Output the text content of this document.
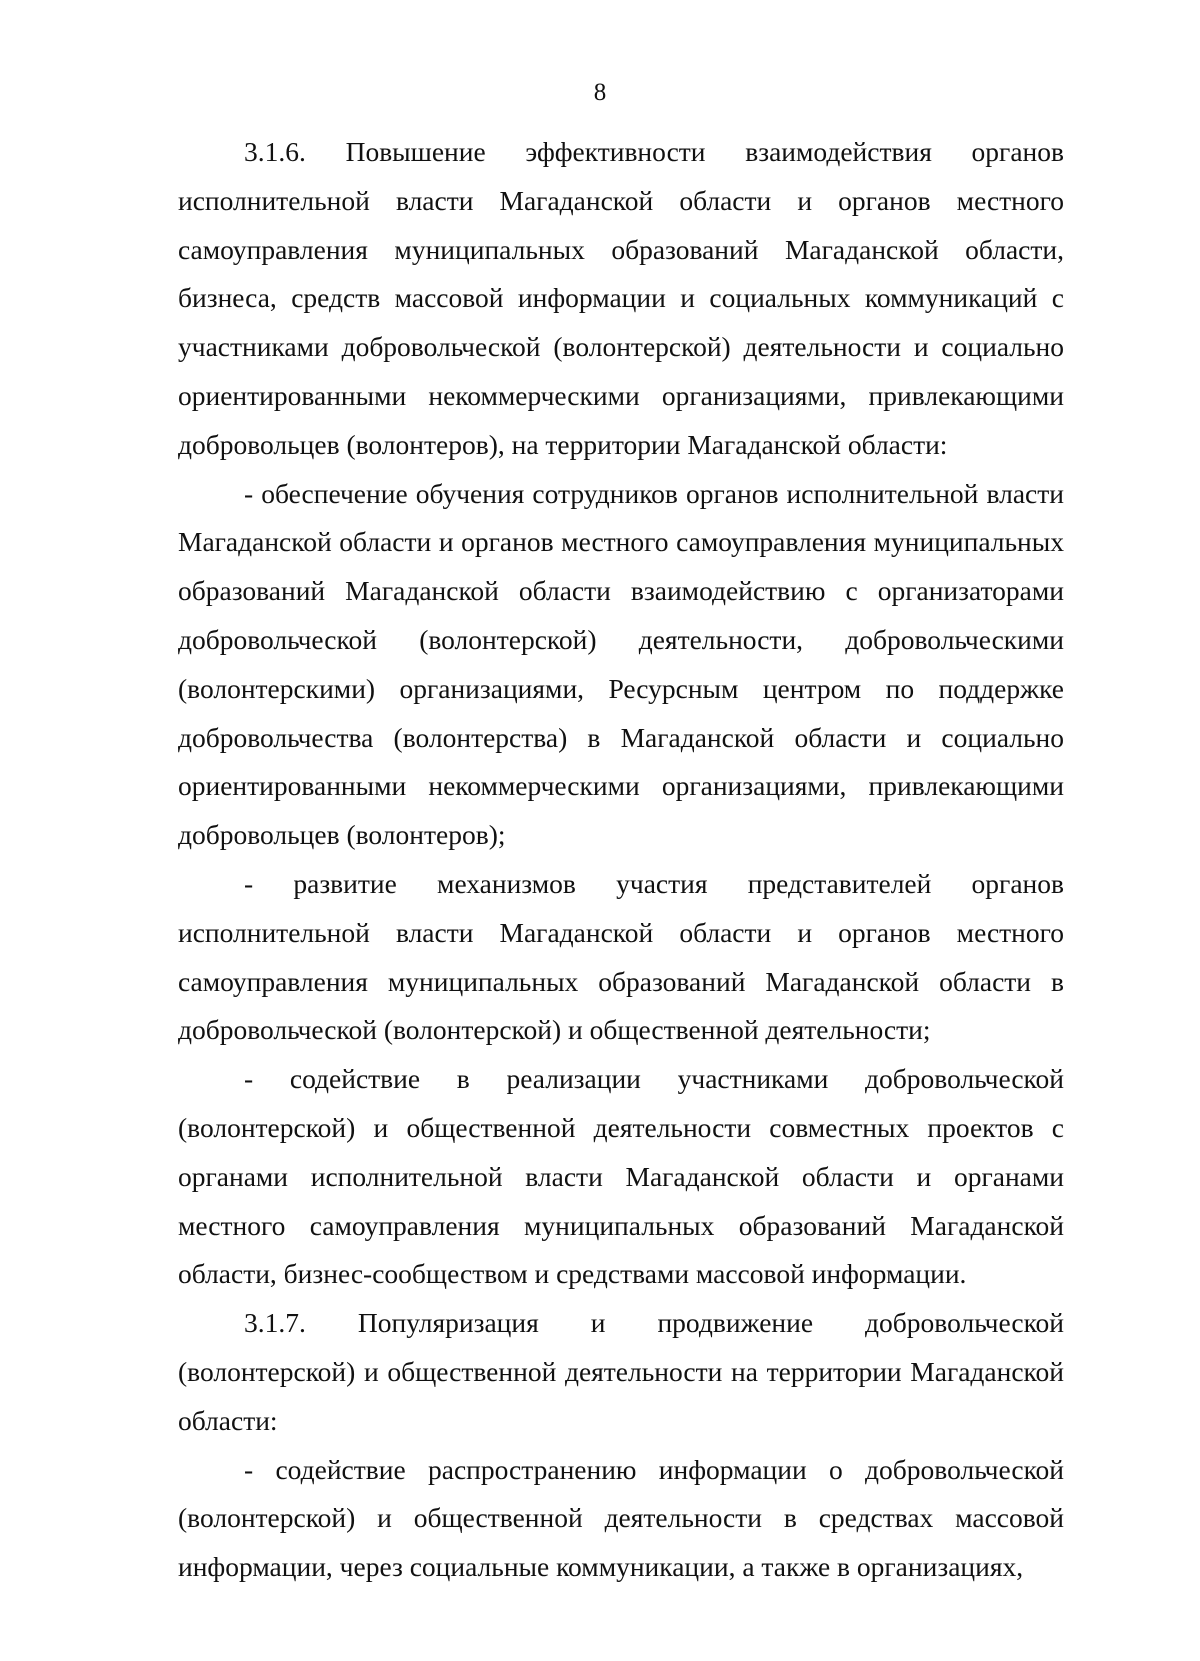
8

3.1.6. Повышение эффективности взаимодействия органов исполнительной власти Магаданской области и органов местного самоуправления муниципальных образований Магаданской области, бизнеса, средств массовой информации и социальных коммуникаций с участниками добровольческой (волонтерской) деятельности и социально ориентированными некоммерческими организациями, привлекающими добровольцев (волонтеров), на территории Магаданской области:

- обеспечение обучения сотрудников органов исполнительной власти Магаданской области и органов местного самоуправления муниципальных образований Магаданской области взаимодействию с организаторами добровольческой (волонтерской) деятельности, добровольческими (волонтерскими) организациями, Ресурсным центром по поддержке добровольчества (волонтерства) в Магаданской области и социально ориентированными некоммерческими организациями, привлекающими добровольцев (волонтеров);

- развитие механизмов участия представителей органов исполнительной власти Магаданской области и органов местного самоуправления муниципальных образований Магаданской области в добровольческой (волонтерской) и общественной деятельности;

- содействие в реализации участниками добровольческой (волонтерской) и общественной деятельности совместных проектов с органами исполнительной власти Магаданской области и органами местного самоуправления муниципальных образований Магаданской области, бизнес-сообществом и средствами массовой информации.

3.1.7. Популяризация и продвижение добровольческой (волонтерской) и общественной деятельности на территории Магаданской области:

- содействие распространению информации о добровольческой (волонтерской) и общественной деятельности в средствах массовой информации, через социальные коммуникации, а также в организациях,
